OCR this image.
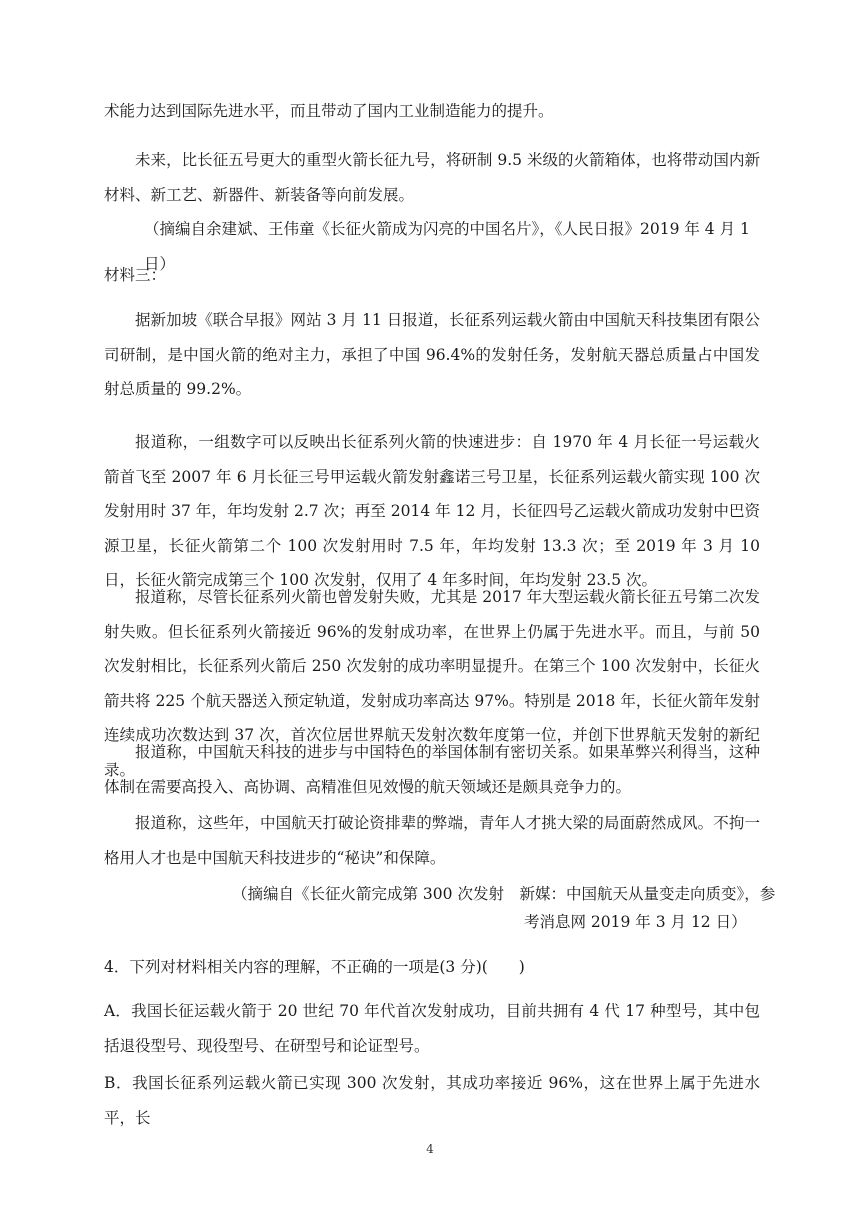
术能力达到国际先进水平，而且带动了国内工业制造能力的提升。

未来，比长征五号更大的重型火箭长征九号，将研制 9.5 米级的火箭箱体，也将带动国内新材料、新工艺、新器件、新装备等向前发展。

（摘编自余建斌、王伟童《长征火箭成为闪亮的中国名片》，《人民日报》2019 年 4 月 1 日）

材料三：

据新加坡《联合早报》网站 3 月 11 日报道，长征系列运载火箭由中国航天科技集团有限公司研制，是中国火箭的绝对主力，承担了中国 96.4%的发射任务，发射航天器总质量占中国发射总质量的 99.2%。

报道称，一组数字可以反映出长征系列火箭的快速进步：自 1970 年 4 月长征一号运载火箭首飞至 2007 年 6 月长征三号甲运载火箭发射鑫诺三号卫星，长征系列运载火箭实现 100 次发射用时 37 年，年均发射 2.7 次；再至 2014 年 12 月，长征四号乙运载火箭成功发射中巴资源卫星，长征火箭第二个 100 次发射用时 7.5 年，年均发射 13.3 次；至 2019 年 3 月 10 日，长征火箭完成第三个 100 次发射，仅用了 4 年多时间，年均发射 23.5 次。

报道称，尽管长征系列火箭也曾发射失败，尤其是 2017 年大型运载火箭长征五号第二次发射失败。但长征系列火箭接近 96%的发射成功率，在世界上仍属于先进水平。而且，与前 50 次发射相比，长征系列火箭后 250 次发射的成功率明显提升。在第三个 100 次发射中，长征火箭共将 225 个航天器送入预定轨道，发射成功率高达 97%。特别是 2018 年，长征火箭年发射连续成功次数达到 37 次，首次位居世界航天发射次数年度第一位，并创下世界航天发射的新纪录。

报道称，中国航天科技的进步与中国特色的举国体制有密切关系。如果革弊兴利得当，这种体制在需要高投入、高协调、高精准但见效慢的航天领域还是颇具竞争力的。

报道称，这些年，中国航天打破论资排辈的弊端，青年人才挑大梁的局面蔚然成风。不拘一格用人才也是中国航天科技进步的“秘诀”和保障。

（摘编自《长征火箭完成第 300 次发射　新媒：中国航天从量变走向质变》，参

考消息网 2019 年 3 月 12 日）

4．下列对材料相关内容的理解，不正确的一项是(3 分)(　　)

A．我国长征运载火箭于 20 世纪 70 年代首次发射成功，目前共拥有 4 代 17 种型号，其中包括退役型号、现役型号、在研型号和论证型号。

B．我国长征系列运载火箭已实现 300 次发射，其成功率接近 96%，这在世界上属于先进水平，长

4
